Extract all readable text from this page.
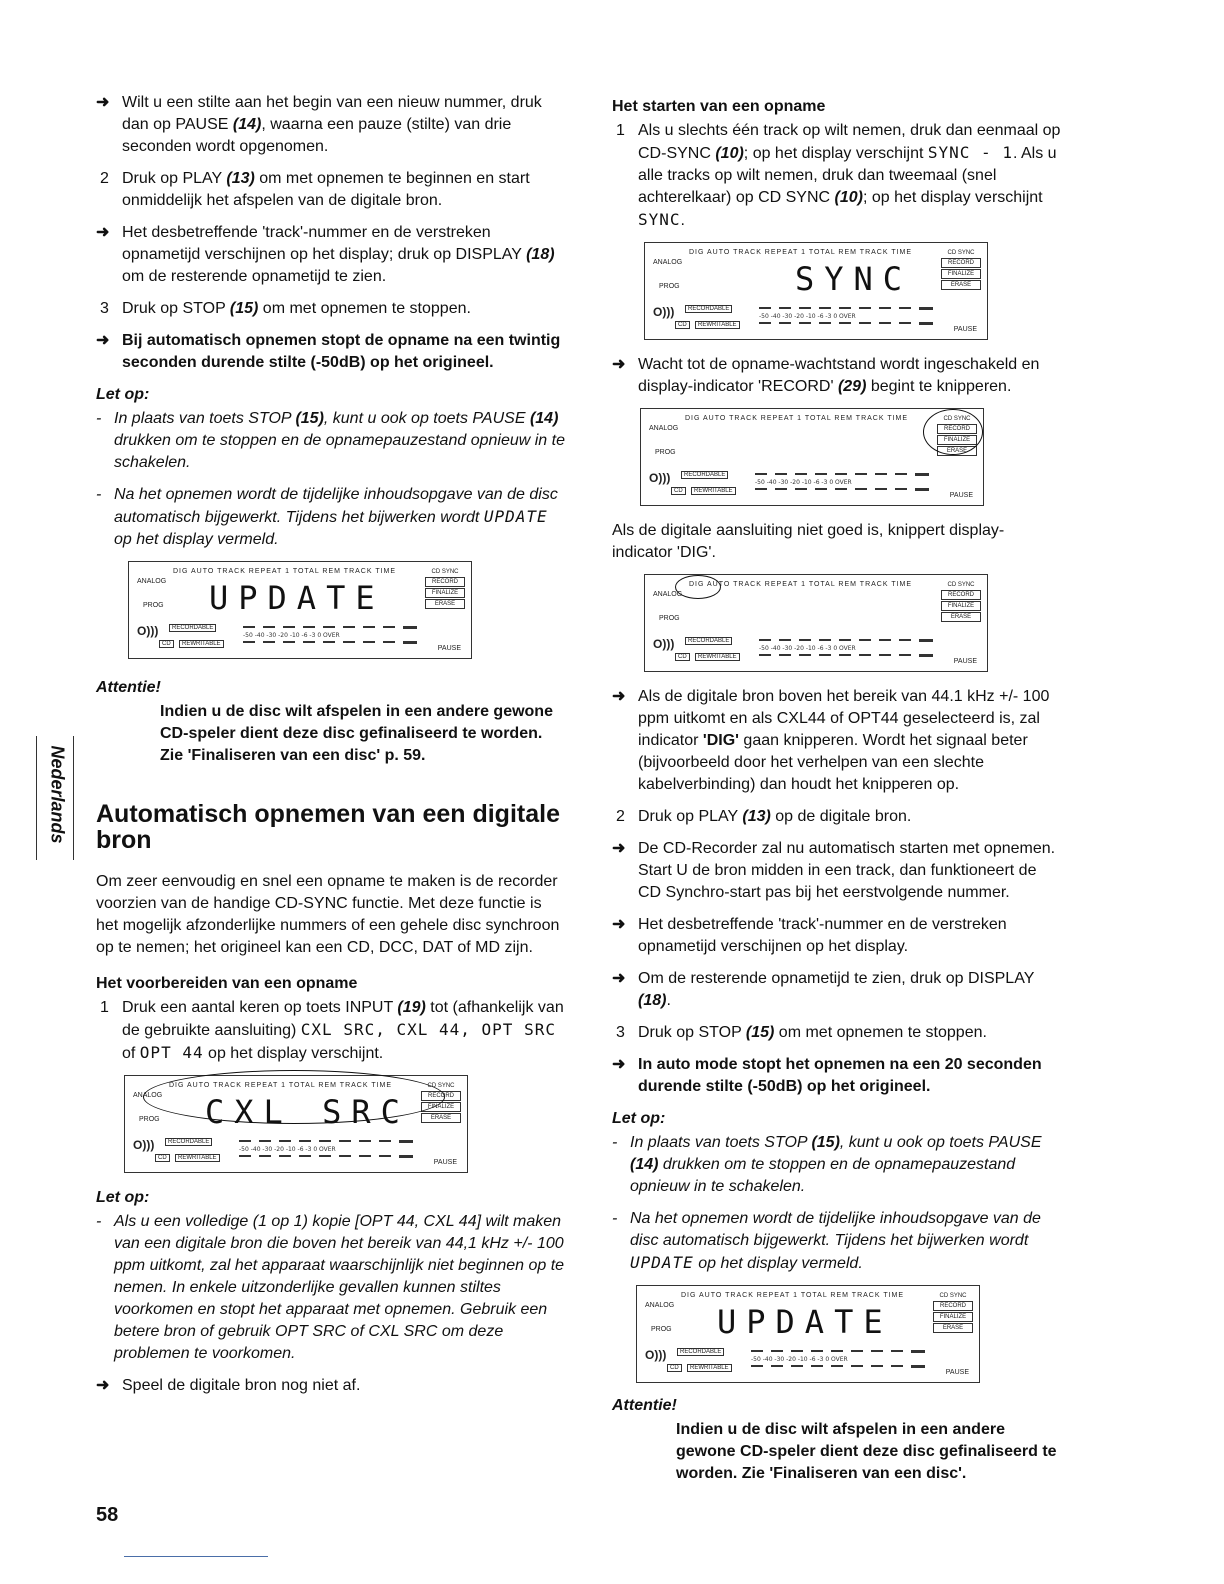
➜ Wilt u een stilte aan het begin van een nieuw nummer, druk dan op PAUSE (14), waarna een pauze (stilte) van drie seconden wordt opgenomen.
2 Druk op PLAY (13) om met opnemen te beginnen en start onmiddelijk het afspelen van de digitale bron.
➜ Het desbetreffende 'track'-nummer en de verstreken opnametijd verschijnen op het display; druk op DISPLAY (18) om de resterende opnametijd te zien.
3 Druk op STOP (15) om met opnemen te stoppen.
➜ Bij automatisch opnemen stopt de opname na een twintig seconden durende stilte (-50dB) op het origineel.
Let op:
- In plaats van toets STOP (15), kunt u ook op toets PAUSE (14) drukken om te stoppen en de opnamepauzestand opnieuw in te schakelen.
- Na het opnemen wordt de tijdelijke inhoudsopgave van de disc automatisch bijgewerkt. Tijdens het bijwerken wordt UPDATE op het display vermeld.
DIG AUTO TRACK REPEAT 1 TOTAL REM TRACK TIME
ANALOG
PROG UPDATE
CD SYNC
RECORD
FINALIZE
ERASE
O)))	RECORDABLE
CD	REWRITABLE
-50 -40 -30 -20 -10 -6 -3 0 OVER
PAUSE
Attentie!
Indien u de disc wilt afspelen in een andere gewone CD-speler dient deze disc gefinaliseerd te worden. Zie 'Finaliseren van een disc' p. 59.
Automatisch opnemen van een digitale bron

Om zeer eenvoudig en snel een opname te maken is de recorder voorzien van de handige CD-SYNC functie. Met deze functie is het mogelijk afzonderlijke nummers of een gehele disc synchroon op te nemen; het origineel kan een CD, DCC, DAT of MD zijn.

Het voorbereiden van een opname
1 Druk een aantal keren op toets INPUT (19) tot (afhankelijk van de gebruikte aansluiting) CXL SRC, CXL 44, OPT SRC of OPT 44 op het display verschijnt.
DIG AUTO TRACK REPEAT 1 TOTAL REM TRACK TIME
ANALOG
PROG CXL SRC
CD SYNC
RECORD
FINALIZE
ERASE
O)))	RECORDABLE
CD	REWRITABLE
-50 -40 -30 -20 -10 -6 -3 0 OVER
PAUSE
Let op:
- Als u een volledige (1 op 1) kopie [OPT 44, CXL 44] wilt maken van een digitale bron die boven het bereik van 44,1 kHz +/- 100 ppm uitkomt, zal het apparaat waarschijnlijk niet beginnen op te nemen. In enkele uitzonderlijke gevallen kunnen stiltes voorkomen en stopt het apparaat met opnemen. Gebruik een betere bron of gebruik OPT SRC of CXL SRC om deze problemen te voorkomen.
➜ Speel de digitale bron nog niet af.
Het starten van een opname
1 Als u slechts één track op wilt nemen, druk dan eenmaal op CD-SYNC (10); op het display verschijnt SYNC - 1. Als u alle tracks op wilt nemen, druk dan tweemaal (snel achterelkaar) op CD SYNC (10); op het display verschijnt SYNC.
DIG AUTO TRACK REPEAT 1 TOTAL REM TRACK TIME
ANALOG
PROG	SYNC
CD SYNC
RECORD
FINALIZE
ERASE
O)))	RECORDABLE
CD	REWRITABLE
-50 -40 -30 -20 -10 -6 -3 0 OVER
PAUSE
➜ Wacht tot de opname-wachtstand wordt ingeschakeld en display-indicator 'RECORD' (29) begint te knipperen.
DIG AUTO TRACK REPEAT 1 TOTAL REM TRACK TIME
ANALOG
PROG
CD SYNC
RECORD
FINALIZE
ERASE
O)))	RECORDABLE
CD	REWRITABLE
-50 -40 -30 -20 -10 -6 -3 0 OVER
PAUSE

Als de digitale aansluiting niet goed is, knippert display-indicator 'DIG'.

DIG AUTO TRACK REPEAT 1 TOTAL REM TRACK TIME
ANALOG
PROG
CD SYNC
RECORD
FINALIZE
ERASE
O)))	RECORDABLE
CD	REWRITABLE
-50 -40 -30 -20 -10 -6 -3 0 OVER
PAUSE
➜ Als de digitale bron boven het bereik van 44.1 kHz +/- 100 ppm uitkomt en als CXL44 of OPT44 geselecteerd is, zal indicator 'DIG' gaan knipperen. Wordt het signaal beter (bijvoorbeeld door het verhelpen van een slechte kabelverbinding) dan houdt het knipperen op.
2 Druk op PLAY (13) op de digitale bron.
➜ De CD-Recorder zal nu automatisch starten met opnemen. Start U de bron midden in een track, dan funktioneert de CD Synchro-start pas bij het eerstvolgende nummer.
➜ Het desbetreffende 'track'-nummer en de verstreken opnametijd verschijnen op het display.
➜ Om de resterende opnametijd te zien, druk op DISPLAY (18).
3 Druk op STOP (15) om met opnemen te stoppen.
➜ In auto mode stopt het opnemen na een 20 seconden durende stilte (-50dB) op het origineel.
Let op:
- In plaats van toets STOP (15), kunt u ook op toets PAUSE (14) drukken om te stoppen en de opnamepauzestand opnieuw in te schakelen.
- Na het opnemen wordt de tijdelijke inhoudsopgave van de disc automatisch bijgewerkt. Tijdens het bijwerken wordt UPDATE op het display vermeld.
DIG AUTO TRACK REPEAT 1 TOTAL REM TRACK TIME
ANALOG
PROG UPDATE
CD SYNC
RECORD
FINALIZE
ERASE
O)))	RECORDABLE
CD	REWRITABLE
-50 -40 -30 -20 -10 -6 -3 0 OVER
PAUSE
Attentie!
Indien u de disc wilt afspelen in een andere gewone CD-speler dient deze disc gefinaliseerd te worden. Zie 'Finaliseren van een disc'.
Nederlands
58
